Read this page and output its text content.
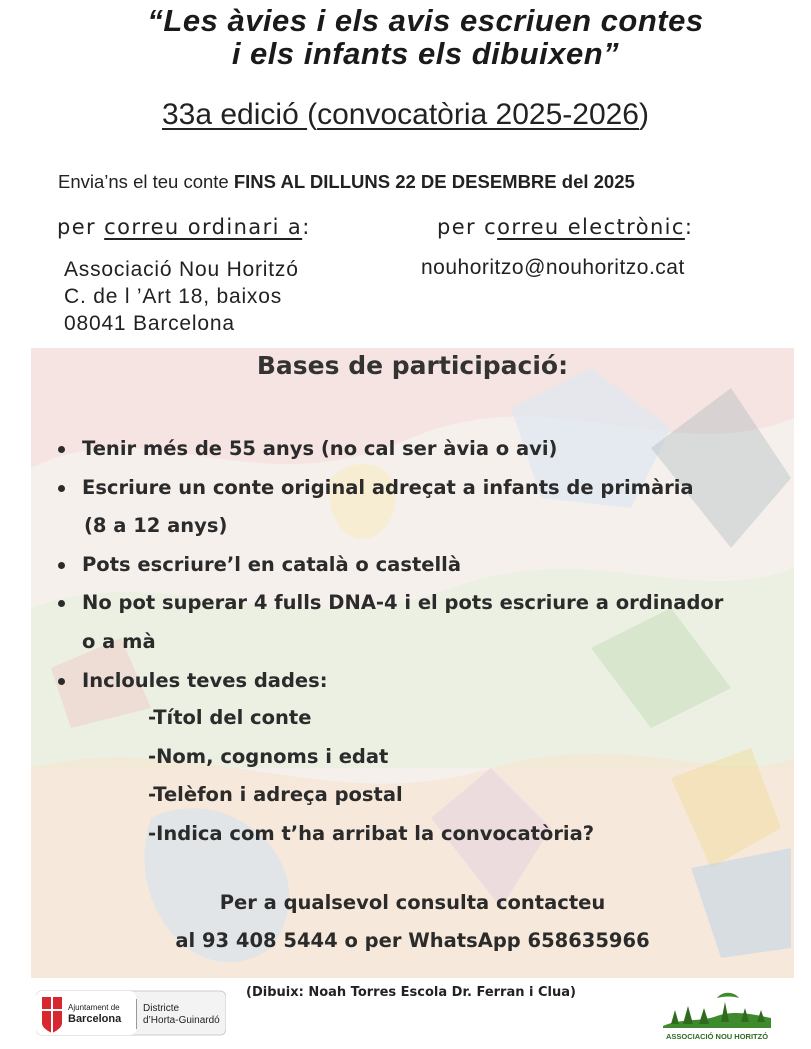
“Les àvies i els avis escriuen contes
i els infants els dibuixen”
33a edició (convocatòria 2025-2026)
Envia’ns el teu conte FINS AL DILLUNS 22 DE DESEMBRE del 2025
per correu ordinari a:	per correu electrònic:
Associació Nou Horitzó
C. de l ’Art 18, baixos
08041 Barcelona
nouhoritzo@nouhoritzo.cat
Bases de participació:
Tenir més de 55 anys (no cal ser àvia o avi)
Escriure un conte original adreçat a infants de primària
(8 a 12 anys)
Pots escriure’l en català o castellà
No pot superar 4 fulls DNA-4 i el pots escriure a ordinador
o a mà
Incloules teves dades:
-Títol del conte
-Nom, cognoms i edat
-Telèfon i adreça postal
-Indica com t’ha arribat la convocatòria?
Per a qualsevol consulta contacteu
al 93 408 5444 o per WhatsApp 658635966
Ajuntament de
Barcelona
Districte
d’Horta-Guinardó
(Dibuix: Noah Torres Escola Dr. Ferran i Clua)
ASSOCIACIÓ NOU HORITZÓ
